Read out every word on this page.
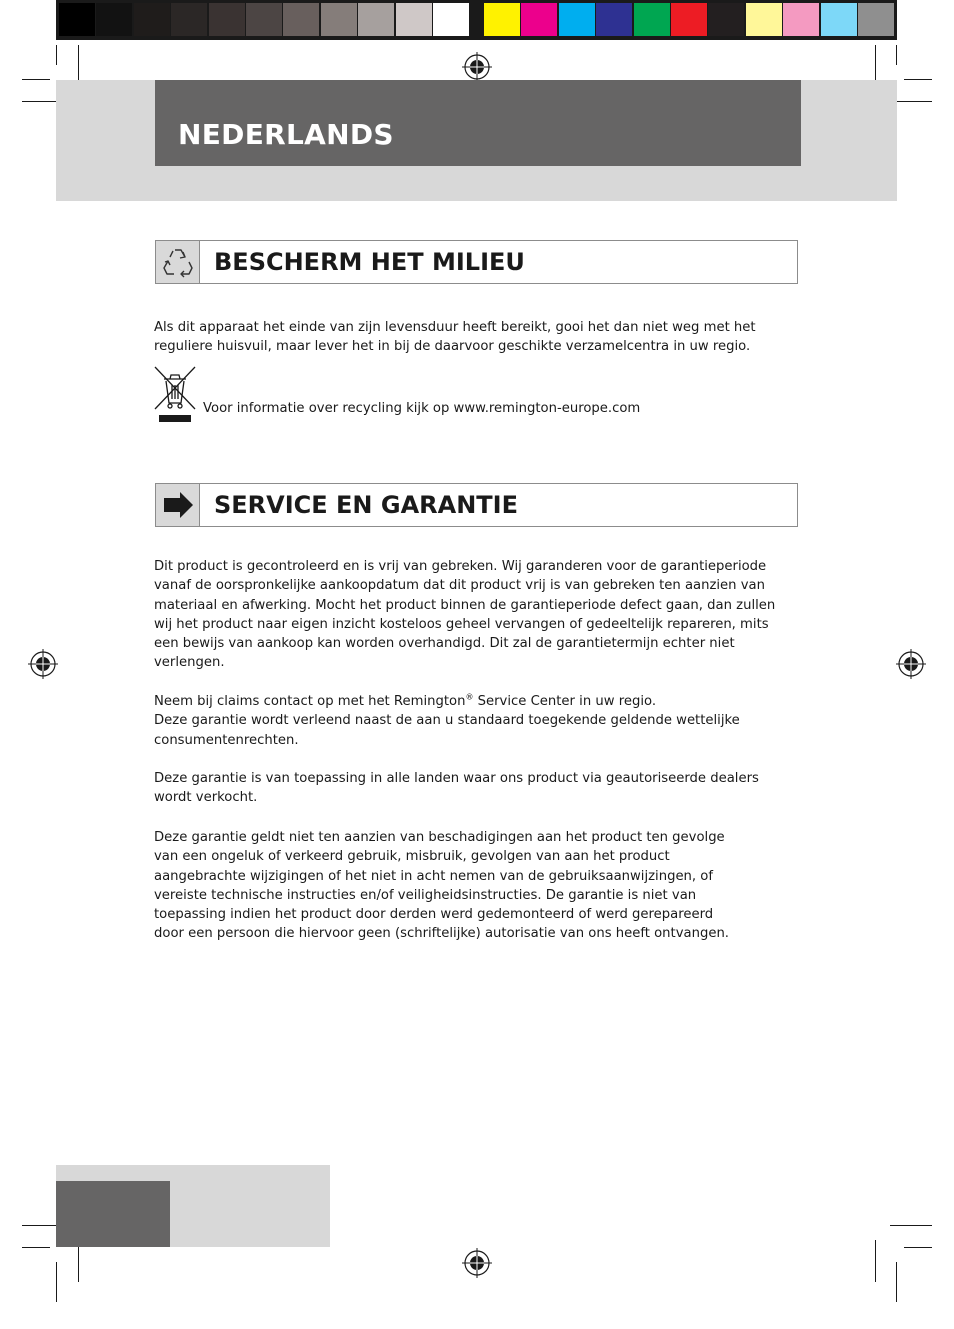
NEDERLANDS
BESCHERM HET MILIEU

Als dit apparaat het einde van zijn levensduur heeft bereikt, gooi het dan niet weg met het reguliere huisvuil, maar lever het in bij de daarvoor geschikte verzamelcentra in uw regio.

Voor informatie over recycling kijk op www.remington-europe.com

SERVICE EN GARANTIE

Dit product is gecontroleerd en is vrij van gebreken. Wij garanderen voor de garantieperiode vanaf de oorspronkelijke aankoopdatum dat dit product vrij is van gebreken ten aanzien van materiaal en afwerking. Mocht het product binnen de garantieperiode defect gaan, dan zullen wij het product naar eigen inzicht kosteloos geheel vervangen of gedeeltelijk repareren, mits een bewijs van aankoop kan worden overhandigd. Dit zal de garantietermijn echter niet verlengen.

Neem bij claims contact op met het Remington® Service Center in uw regio.
Deze garantie wordt verleend naast de aan u standaard toegekende geldende wettelijke consumentenrechten.

Deze garantie is van toepassing in alle landen waar ons product via geautoriseerde dealers wordt verkocht.

Deze garantie geldt niet ten aanzien van beschadigingen aan het product ten gevolge van een ongeluk of verkeerd gebruik, misbruik, gevolgen van aan het product aangebrachte wijzigingen of het niet in acht nemen van de gebruiksaanwijzingen, of vereiste technische instructies en/of veiligheidsinstructies. De garantie is niet van toepassing indien het product door derden werd gedemonteerd of werd gerepareerd door een persoon die hiervoor geen (schriftelijke) autorisatie van ons heeft ontvangen.
